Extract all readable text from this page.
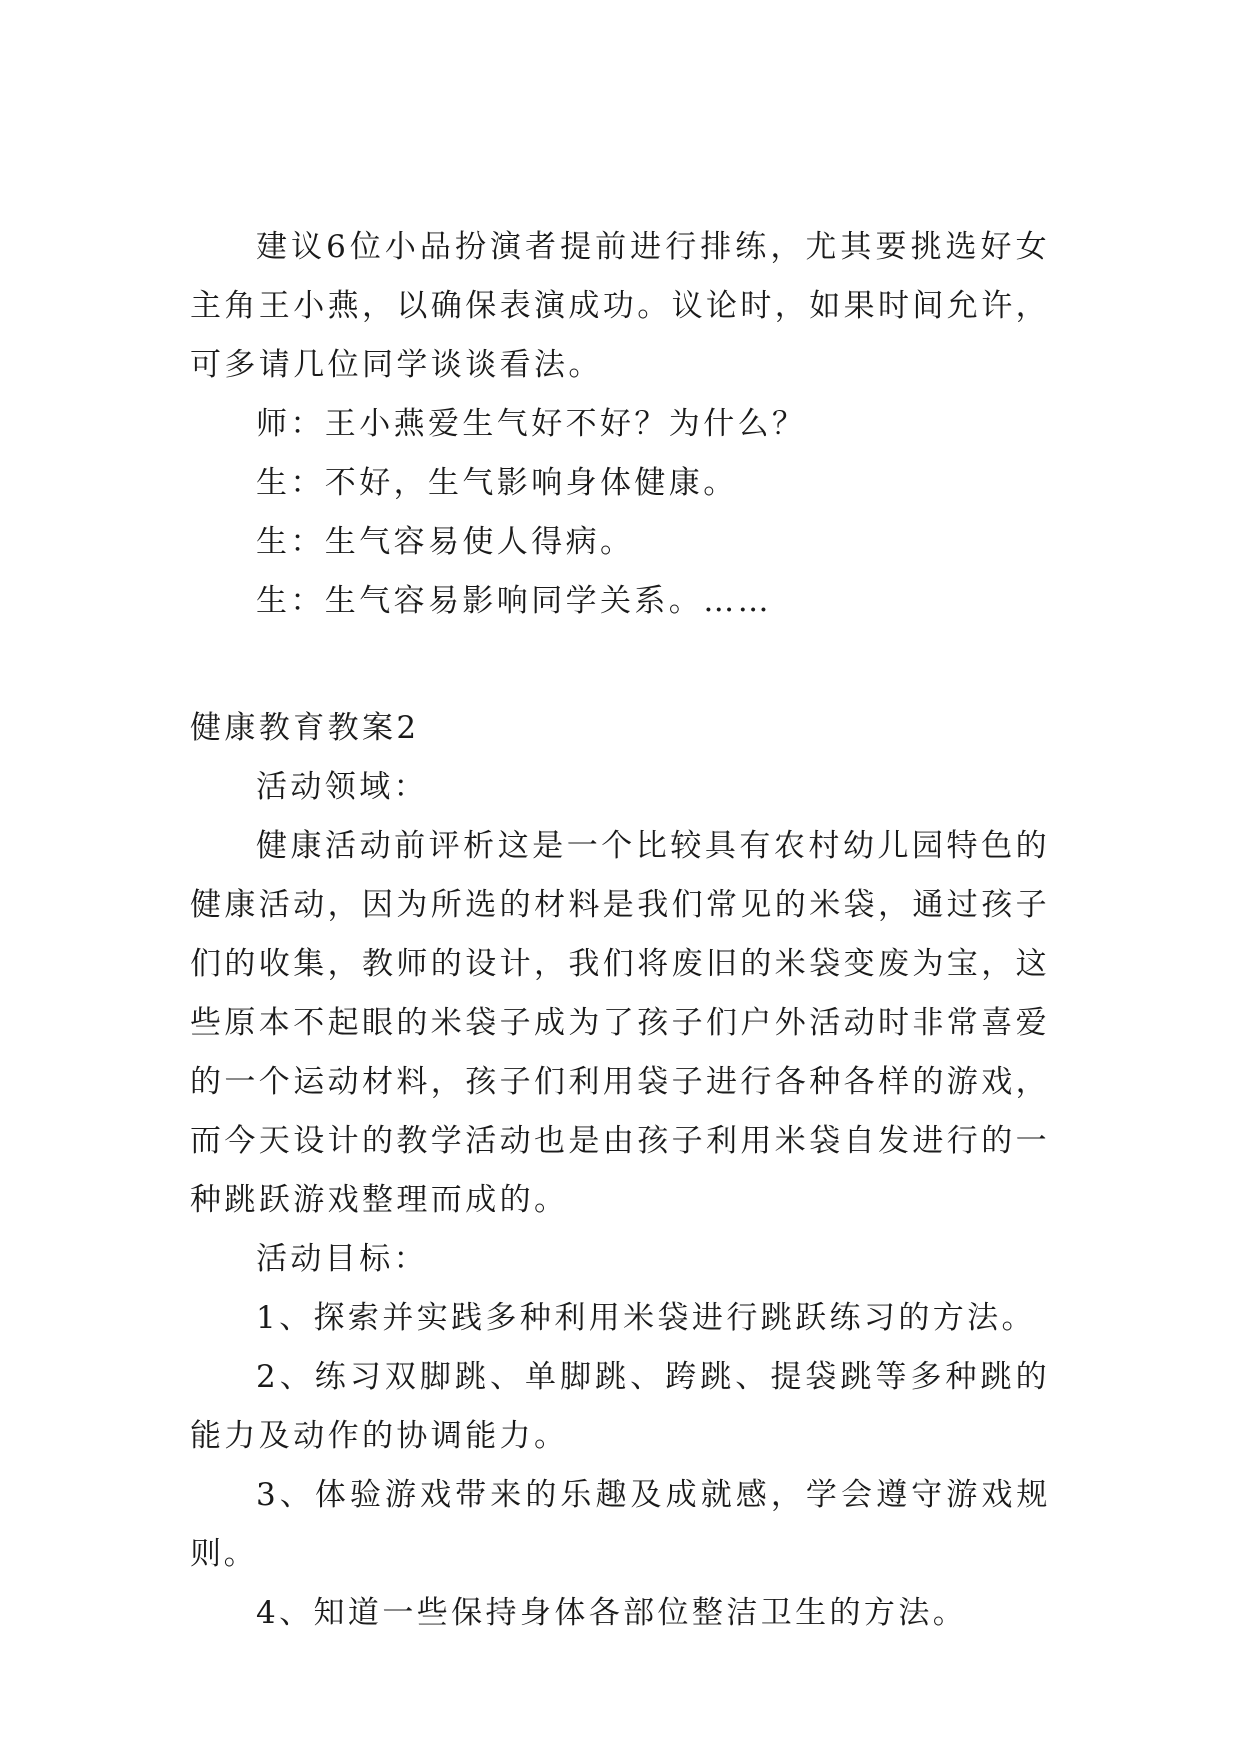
建议6位小品扮演者提前进行排练，尤其要挑选好女主角王小燕，以确保表演成功。议论时，如果时间允许，可多请几位同学谈谈看法。

师：王小燕爱生气好不好？为什么？

生：不好，生气影响身体健康。

生：生气容易使人得病。

生：生气容易影响同学关系。……

健康教育教案2

活动领域：

健康活动前评析这是一个比较具有农村幼儿园特色的健康活动，因为所选的材料是我们常见的米袋，通过孩子们的收集，教师的设计，我们将废旧的米袋变废为宝，这些原本不起眼的米袋子成为了孩子们户外活动时非常喜爱的一个运动材料，孩子们利用袋子进行各种各样的游戏，而今天设计的教学活动也是由孩子利用米袋自发进行的一种跳跃游戏整理而成的。

活动目标：

1、探索并实践多种利用米袋进行跳跃练习的方法。

2、练习双脚跳、单脚跳、跨跳、提袋跳等多种跳的能力及动作的协调能力。

3、体验游戏带来的乐趣及成就感，学会遵守游戏规则。

4、知道一些保持身体各部位整洁卫生的方法。
